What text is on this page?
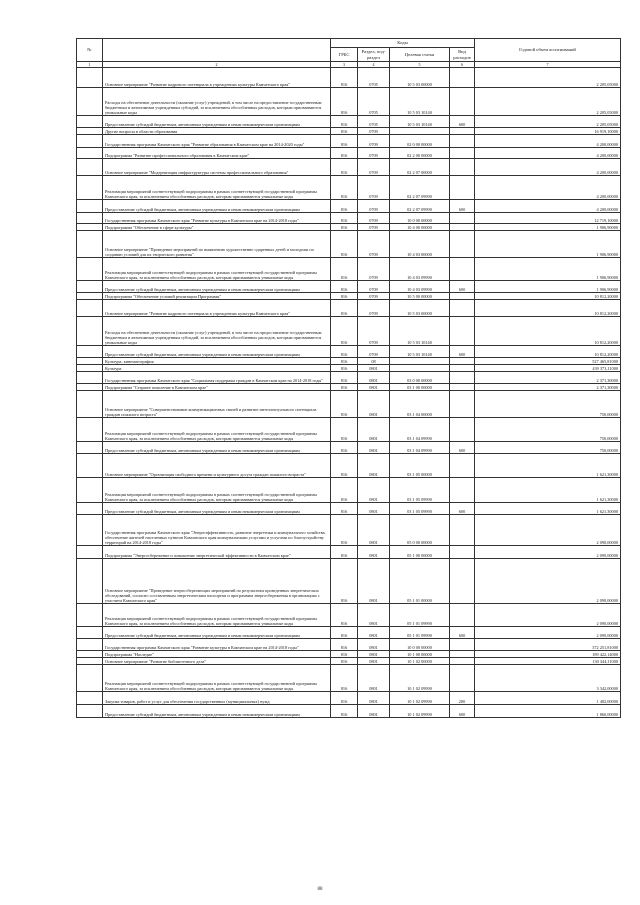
№		Коды				Годовой объем ассигнований
		ГРБС	Раздел, под-раздел	Целевая статья	Вид расходов	
1	2	3	4	5	6	7
	Основное мероприятие "Развитие кадрового потенциала в учреждениях культуры Камчатского края"	816	0705	10 5 03 00000		2 205,05000
	Расходы на обеспечение деятельности (оказание услуг) учреждений, в том числе на предоставление государственным бюджетным и автономным учреждениям субсидий, за исключением обособленных расходов, которым присваиваются уникальные коды	816	0705	10 5 03 10140		2 205,05000
	Предоставление субсидий бюджетным, автономным учреждениям и иным некоммерческим организациям	816	0705	10 5 03 10140	600	2 205,05000
	Другие вопросы в области образования	816	0709			16 919,10000
	Государственная программа Камчатского края "Развитие образования в Камчатском крае на 2014-2020 годы"	816	0709	02 0 00 00000		4 200,00000
	Подпрограмма "Развитие профессионального образования в Камчатском крае"	816	0709	02 2 00 00000		4 200,00000
	Основное мероприятие "Модернизация инфраструктуры системы профессионального образования"	816	0709	02 2 07 00000		4 200,00000
	Реализация мероприятий соответствующей подпрограммы в рамках соответствующей государственной программы Камчатского края, за исключением обособленных расходов, которым присваиваются уникальные коды	816	0709	02 2 07 09990		4 200,00000
	Предоставление субсидий бюджетным, автономным учреждениям и иным некоммерческим организациям	816	0709	02 2 07 09990	600	4 200,00000
	Государственная программа Камчатского края "Развитие культуры в Камчатском крае на 2014-2018 годы"	816	0709	10 0 00 00000		12 719,10000
	Подпрограмма "Обеспечение в сфере культуры"	816	0709	10 4 00 00000		1 906,90000
	Основное мероприятие "Проведение мероприятий по выявлению художественно одаренных детей и молодежи по созданию условий для их творческого развития"	816	0709	10 4 03 00000		1 906,90000
	Реализация мероприятий соответствующей подпрограммы в рамках соответствующей государственной программы Камчатского края, за исключением обособленных расходов, которым присваиваются уникальные коды	816	0709	10 4 03 09990		1 906,90000
	Предоставление субсидий бюджетным, автономным учреждениям и иным некоммерческим организациям	816	0709	10 4 03 09990	600	1 906,90000
	Подпрограмма "Обеспечение условий реализации Программы"	816	0709	10 5 00 00000		10 812,20000
	Основное мероприятие "Развитие кадрового потенциала в учреждениях культуры Камчатского края"	816	0709	10 5 03 00000		10 812,20000
	Расходы на обеспечение деятельности (оказание услуг) учреждений, в том числе на предоставление государственным бюджетным и автономным учреждениям субсидий, за исключением обособленных расходов, которым присваиваются уникальные коды	816	0709	10 5 03 10140		10 812,20000
	Предоставление субсидий бюджетным, автономным учреждениям и иным некоммерческим организациям	816	0709	10 5 03 10140	600	10 812,20000
	Культура, кинематография	816	08			527 465,81000
	Культура	816	0801			439 373,11000
	Государственная программа Камчатского края "Социальная поддержка граждан в Камчатском крае на 2014-2018 годы"	816	0801	03 0 00 00000		2 371,30000
	Подпрограмма "Старшее поколение в Камчатском крае"	816	0801	03 1 00 00000		2 371,30000
	Основное мероприятие "Совершенствование коммуникационных связей и развитие интеллектуального потенциала граждан пожилого возраста"	816	0801	03 1 04 00000		750,00000
	Реализация мероприятий соответствующей подпрограммы в рамках соответствующей государственной программы Камчатского края, за исключением обособленных расходов, которым присваиваются уникальные коды	816	0801	03 1 04 09990		750,00000
	Предоставление субсидий бюджетным, автономным учреждениям и иным некоммерческим организациям	816	0801	03 1 04 09990	600	750,00000
	Основное мероприятие "Организация свободного времени и культурного досуга граждан пожилого возраста"	816	0801	03 1 05 00000		1 621,30000
	Реализация мероприятий соответствующей подпрограммы в рамках соответствующей государственной программы Камчатского края, за исключением обособленных расходов, которым присваиваются уникальные коды	816	0801	03 1 05 09990		1 621,30000
	Предоставление субсидий бюджетным, автономным учреждениям и иным некоммерческим организациям	816	0801	03 1 05 09990	600	1 621,30000
	Государственная программа Камчатского края "Энергоэффективность, развитие энергетики и коммунального хозяйства, обеспечение жителей населенных пунктов Камчатского края коммунальными услугами и услугами по благоустройству территорий на 2014-2018 годы"	816	0801	05 0 00 00000		2 090,00000
	Подпрограмма "Энергосбережение и повышение энергетической эффективности в Камчатском крае"	816	0801	05 1 00 00000		2 090,00000
	Основное мероприятие "Проведение энергосберегающих мероприятий по результатам проведенных энергетических обследований, согласно составленным энергетическим паспортам и программам энергосбережения в организациях с участием Камчатского края"	816	0801	05 1 01 00000		2 090,00000
	Реализация мероприятий соответствующей подпрограммы в рамках соответствующей государственной программы Камчатского края, за исключением обособленных расходов, которым присваиваются уникальные коды	816	0801	05 1 01 09990		2 090,00000
	Предоставление субсидий бюджетным, автономным учреждениям и иным некоммерческим организациям	816	0801	05 1 01 09990	600	2 090,00000
	Государственная программа Камчатского края "Развитие культуры в Камчатском крае на 2014-2018 годы"	816	0801	10 0 00 00000		372 251,81000
	Подпрограмма "Наследие"	816	0801	10 1 00 00000		189 422,14000
	Основное мероприятие "Развитие библиотечного дела"	816	0801	10 1 02 00000		130 344,11000
	Реализация мероприятий соответствующей подпрограммы в рамках соответствующей государственной программы Камчатского края, за исключением обособленных расходов, которым присваиваются уникальные коды	816	0801	10 1 02 09990		3 342,00000
	Закупка товаров, работ и услуг для обеспечения государственных (муниципальных) нужд	816	0801	10 1 02 09990	200	1 482,00000
	Предоставление субсидий бюджетным, автономным учреждениям и иным некоммерческим организациям	816	0801	10 1 02 09990	600	1 860,00000
88
